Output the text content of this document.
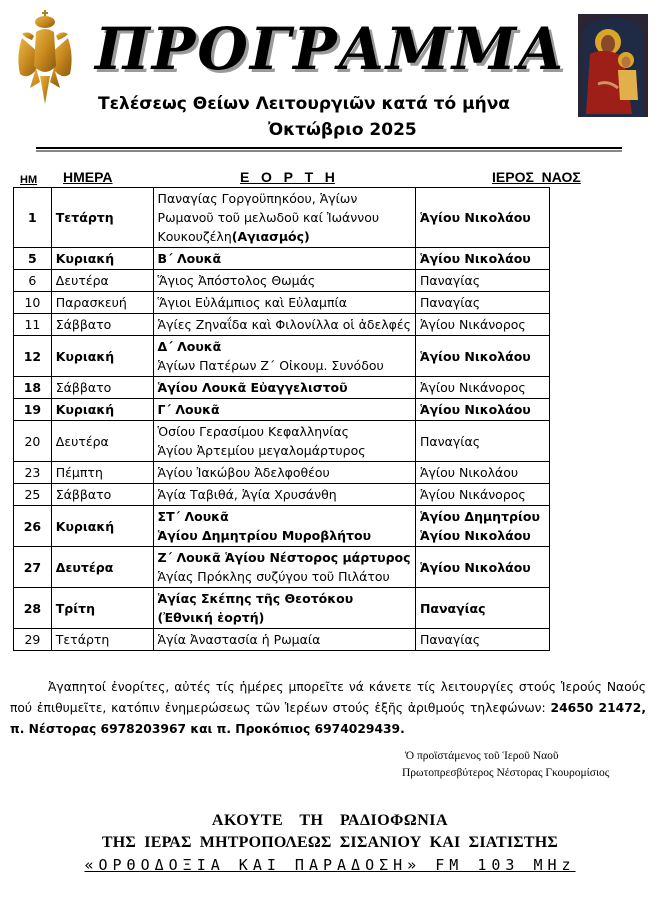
ΠΡΟΓΡΑΜΜΑ
Τελέσεως Θείων Λειτουργιῶν κατά τό μήνα
Ὀκτώβριο 2025
ΗΜ ΗΜΕΡΑ	Ε   Ο   Ρ   Τ   Η	ΙΕΡΟΣ  ΝΑΟΣ
1	Τετάρτη	Παναγίας Γοργοϋπηκόου, Ἁγίων
Ρωμανοῦ τοῦ μελωδοῦ καί Ἰωάννου
Κουκουζέλη(Αγιασμός)	Ἁγίου Νικολάου

5	Κυριακή	Β΄ Λουκᾶ	Ἁγίου Νικολάου

6	Δευτέρα	Ἅγιος Ἀπόστολος Θωμάς	Παναγίας

10	Παρασκευή	Ἅγιοι Εὐλάμπιος καὶ Εὐλαμπία	Παναγίας

11	Σάββατο	Ἁγίες Ζηναΐδα καὶ Φιλονίλλα οἱ ἀδελφές	Ἁγίου Νικάνορος

12	Κυριακή	Δ΄ Λουκᾶ
Ἁγίων Πατέρων Ζ΄ Οἰκουμ. Συνόδου	Ἁγίου Νικολάου

18	Σάββατο	Ἁγίου Λουκᾶ Εὐαγγελιστοῦ	Ἁγίου Νικάνορος

19	Κυριακή	Γ΄ Λουκᾶ	Ἁγίου Νικολάου

20	Δευτέρα	Ὁσίου Γερασίμου Κεφαλληνίας
Ἁγίου Ἀρτεμίου μεγαλομάρτυρος	Παναγίας

23	Πέμπτη	Ἁγίου Ἰακώβου Ἀδελφοθέου	Ἁγίου Νικολάου

25	Σάββατο	Ἁγία Ταβιθά, Ἁγία Χρυσάνθη	Ἁγίου Νικάνορος

26	Κυριακή	ΣΤ΄ Λουκᾶ
Ἁγίου Δημητρίου Μυροβλήτου	Ἁγίου Δημητρίου
Ἁγίου Νικολάου

27	Δευτέρα	Ζ΄ Λουκᾶ Ἁγίου Νέστορος μάρτυρος
Ἁγίας Πρόκλης συζύγου τοῦ Πιλάτου	Ἁγίου Νικολάου

28	Τρίτη	Ἁγίας Σκέπης τῆς Θεοτόκου
(Ἐθνική ἑορτή)	Παναγίας

29	Τετάρτη	Ἁγία Ἀναστασία ἡ Ρωμαία	Παναγίας
Ἀγαπητοί ἐνορίτες, αὐτές τίς ἡμέρες μπορεῖτε νά κάνετε τίς λειτουργίες στούς Ἱερούς Ναούς πού ἐπιθυμεῖτε, κατόπιν ἐνημερώσεως τῶν Ἱερέων στούς ἑξῆς ἀριθμούς τηλεφώνων: 24650 21472, π. Νέστορας 6978203967 και π. Προκόπιος 6974029439.
Ὁ προϊστάμενος τοῦ Ἱεροῦ Ναοῦ
Πρωτοπρεσβύτερος Νέστορας Γκουρομίσιος
ΑΚΟΥΤΕ ΤΗ ΡΑΔΙΟΦΩΝΙΑ
ΤΗΣ ΙΕΡΑΣ ΜΗΤΡΟΠΟΛΕΩΣ ΣΙΣΑΝΙΟΥ ΚΑΙ ΣΙΑΤΙΣΤΗΣ
«ΟΡΘΟΔΟΞΙΑ ΚΑΙ ΠΑΡΑΔΟΣΗ» FM 103 MHz
